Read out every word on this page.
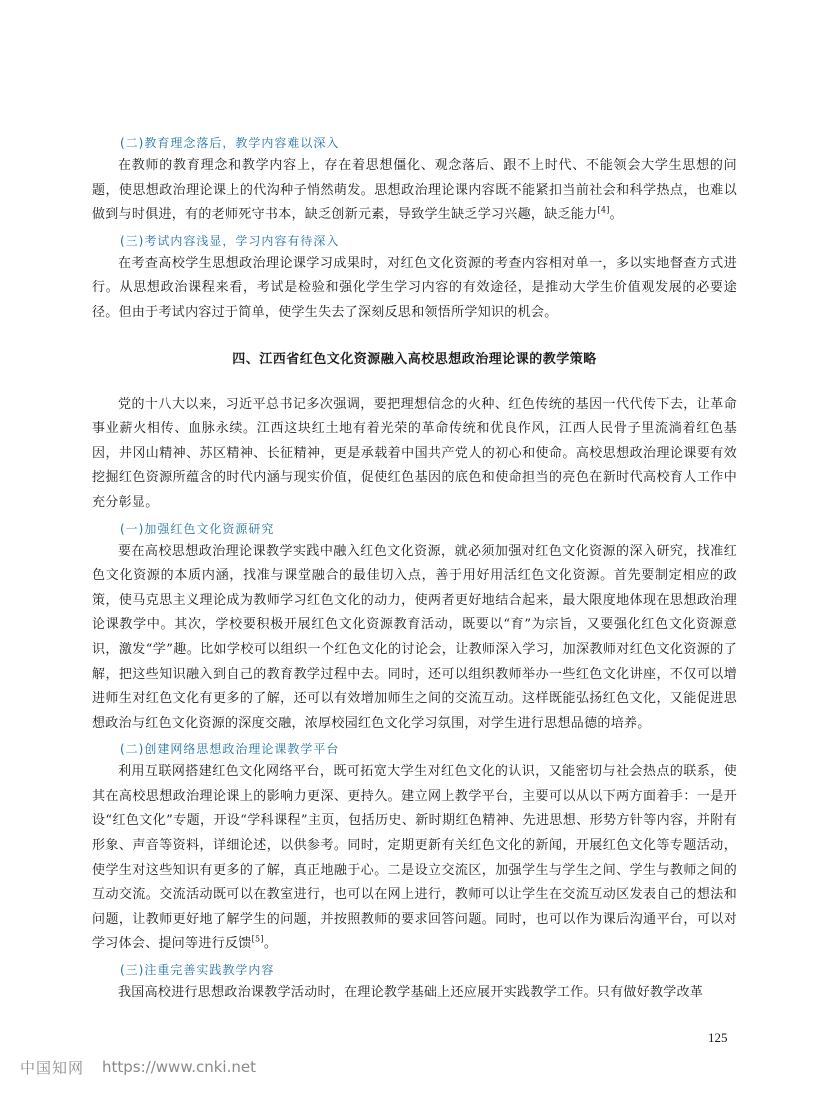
(二)教育理念落后，教学内容难以深入

在教师的教育理念和教学内容上，存在着思想僵化、观念落后、跟不上时代、不能领会大学生思想的问题，使思想政治理论课上的代沟种子悄然萌发。思想政治理论课内容既不能紧扣当前社会和科学热点，也难以做到与时俱进，有的老师死守书本，缺乏创新元素，导致学生缺乏学习兴趣，缺乏能力[4]。

(三)考试内容浅显，学习内容有待深入

在考查高校学生思想政治理论课学习成果时，对红色文化资源的考查内容相对单一，多以实地督查方式进行。从思想政治课程来看，考试是检验和强化学生学习内容的有效途径，是推动大学生价值观发展的必要途径。但由于考试内容过于简单，使学生失去了深刻反思和领悟所学知识的机会。

四、江西省红色文化资源融入高校思想政治理论课的教学策略

党的十八大以来，习近平总书记多次强调，要把理想信念的火种、红色传统的基因一代代传下去，让革命事业薪火相传、血脉永续。江西这块红土地有着光荣的革命传统和优良作风，江西人民骨子里流淌着红色基因，井冈山精神、苏区精神、长征精神，更是承载着中国共产党人的初心和使命。高校思想政治理论课要有效挖掘红色资源所蕴含的时代内涵与现实价值，促使红色基因的底色和使命担当的亮色在新时代高校育人工作中充分彰显。

(一)加强红色文化资源研究

要在高校思想政治理论课教学实践中融入红色文化资源，就必须加强对红色文化资源的深入研究，找准红色文化资源的本质内涵，找准与课堂融合的最佳切入点，善于用好用活红色文化资源。首先要制定相应的政策，使马克思主义理论成为教师学习红色文化的动力，使两者更好地结合起来，最大限度地体现在思想政治理论课教学中。其次，学校要积极开展红色文化资源教育活动，既要以“育”为宗旨，又要强化红色文化资源意识，激发“学”趣。比如学校可以组织一个红色文化的讨论会，让教师深入学习，加深教师对红色文化资源的了解，把这些知识融入到自己的教育教学过程中去。同时，还可以组织教师举办一些红色文化讲座，不仅可以增进师生对红色文化有更多的了解，还可以有效增加师生之间的交流互动。这样既能弘扬红色文化，又能促进思想政治与红色文化资源的深度交融，浓厚校园红色文化学习氛围，对学生进行思想品德的培养。

(二)创建网络思想政治理论课教学平台

利用互联网搭建红色文化网络平台，既可拓宽大学生对红色文化的认识，又能密切与社会热点的联系，使其在高校思想政治理论课上的影响力更深、更持久。建立网上教学平台，主要可以从以下两方面着手：一是开设“红色文化”专题，开设“学科课程”主页，包括历史、新时期红色精神、先进思想、形势方针等内容，并附有形象、声音等资料，详细论述，以供参考。同时，定期更新有关红色文化的新闻，开展红色文化等专题活动，使学生对这些知识有更多的了解，真正地融于心。二是设立交流区，加强学生与学生之间、学生与教师之间的互动交流。交流活动既可以在教室进行，也可以在网上进行，教师可以让学生在交流互动区发表自己的想法和问题，让教师更好地了解学生的问题，并按照教师的要求回答问题。同时，也可以作为课后沟通平台，可以对学习体会、提问等进行反馈[5]。

(三)注重完善实践教学内容

我国高校进行思想政治课教学活动时，在理论教学基础上还应展开实践教学工作。只有做好教学改革

125
中国知网 https://www.cnki.net
